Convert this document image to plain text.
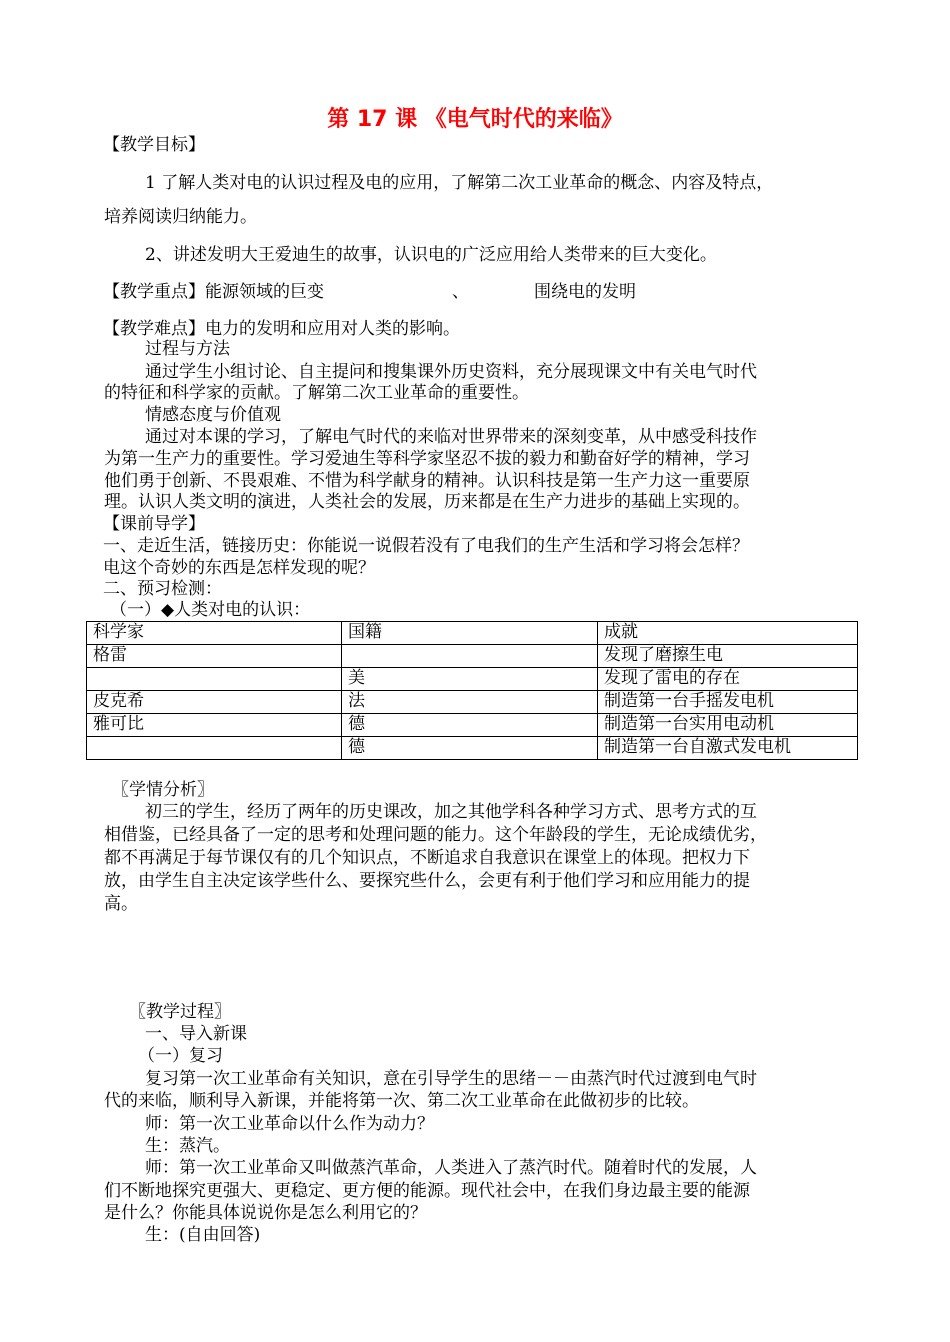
第 17 课 《电气时代的来临》
【教学目标】
1 了解人类对电的认识过程及电的应用，了解第二次工业革命的概念、内容及特点，
培养阅读归纳能力。
2、讲述发明大王爱迪生的故事，认识电的广泛应用给人类带来的巨大变化。
【教学重点】能源领域的巨变	、	围绕电的发明
【教学难点】电力的发明和应用对人类的影响。
过程与方法
通过学生小组讨论、自主提问和搜集课外历史资料，充分展现课文中有关电气时代
的特征和科学家的贡献。了解第二次工业革命的重要性。
情感态度与价值观
通过对本课的学习，了解电气时代的来临对世界带来的深刻变革，从中感受科技作
为第一生产力的重要性。学习爱迪生等科学家坚忍不拔的毅力和勤奋好学的精神，学习
他们勇于创新、不畏艰难、不惜为科学献身的精神。认识科技是第一生产力这一重要原
理。认识人类文明的演进，人类社会的发展，历来都是在生产力进步的基础上实现的。
【课前导学】
一、走近生活，链接历史：你能说一说假若没有了电我们的生产生活和学习将会怎样？
电这个奇妙的东西是怎样发现的呢？
二、预习检测：
（一）◆人类对电的认识：
科学家	国籍	成就
格雷		发现了磨擦生电
	美	发现了雷电的存在
皮克希	法	制造第一台手摇发电机
雅可比	德	制造第一台实用电动机
	德	制造第一台自激式发电机
〖学情分析〗
初三的学生，经历了两年的历史课改，加之其他学科各种学习方式、思考方式的互
相借鉴，已经具备了一定的思考和处理问题的能力。这个年龄段的学生，无论成绩优劣，
都不再满足于每节课仅有的几个知识点，不断追求自我意识在课堂上的体现。把权力下
放，由学生自主决定该学些什么、要探究些什么，会更有利于他们学习和应用能力的提
高。
〖教学过程〗
一、导入新课
（一）复习
复习第一次工业革命有关知识，意在引导学生的思绪－－由蒸汽时代过渡到电气时
代的来临，顺利导入新课，并能将第一次、第二次工业革命在此做初步的比较。
师：第一次工业革命以什么作为动力？
生：蒸汽。
师：第一次工业革命又叫做蒸汽革命，人类进入了蒸汽时代。随着时代的发展，人
们不断地探究更强大、更稳定、更方便的能源。现代社会中，在我们身边最主要的能源
是什么？你能具体说说你是怎么利用它的？
生：(自由回答)
